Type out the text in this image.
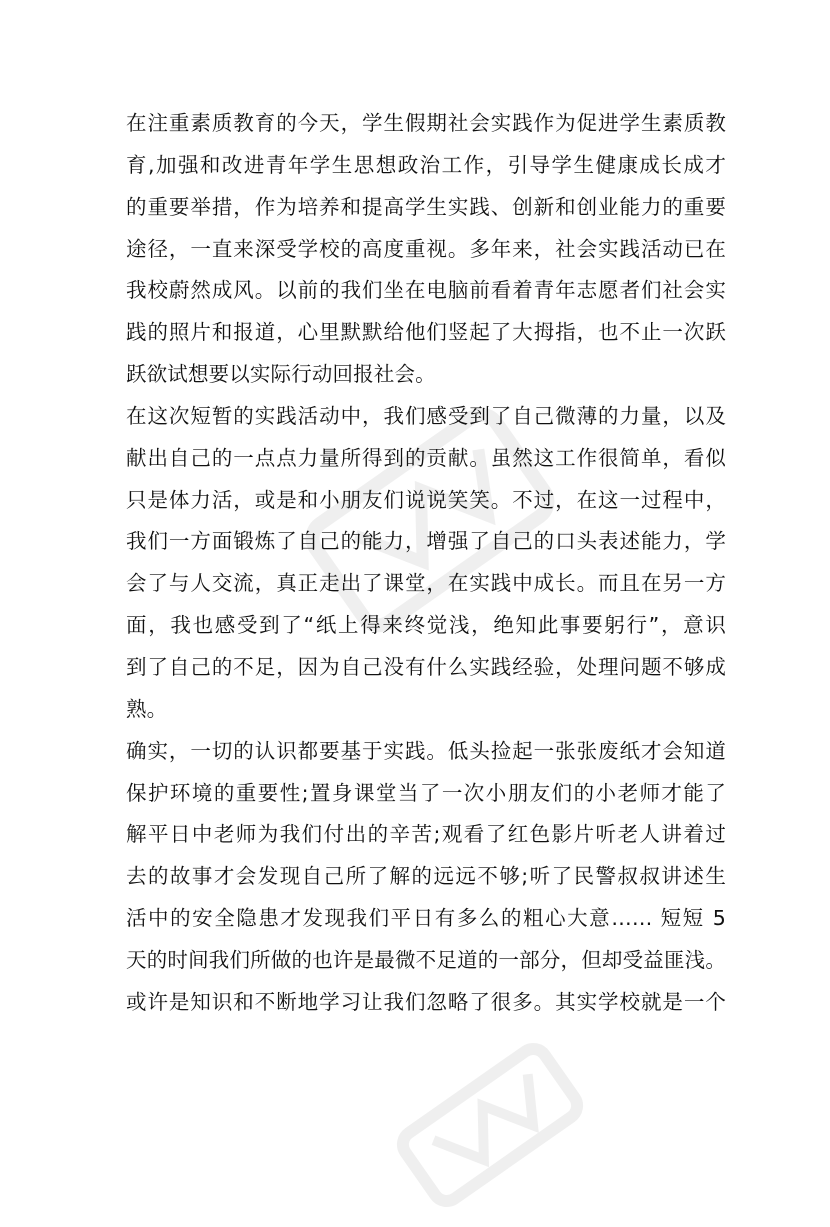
在注重素质教育的今天，学生假期社会实践作为促进学生素质教
育,加强和改进青年学生思想政治工作，引导学生健康成长成才
的重要举措，作为培养和提高学生实践、创新和创业能力的重要
途径，一直来深受学校的高度重视。多年来，社会实践活动已在
我校蔚然成风。以前的我们坐在电脑前看着青年志愿者们社会实
践的照片和报道，心里默默给他们竖起了大拇指，也不止一次跃
跃欲试想要以实际行动回报社会。
在这次短暂的实践活动中，我们感受到了自己微薄的力量，以及
献出自己的一点点力量所得到的贡献。虽然这工作很简单，看似
只是体力活，或是和小朋友们说说笑笑。不过，在这一过程中，
我们一方面锻炼了自己的能力，增强了自己的口头表述能力，学
会了与人交流，真正走出了课堂，在实践中成长。而且在另一方
面，我也感受到了“纸上得来终觉浅，绝知此事要躬行”，意识
到了自己的不足，因为自己没有什么实践经验，处理问题不够成
熟。
确实，一切的认识都要基于实践。低头捡起一张张废纸才会知道
保护环境的重要性;置身课堂当了一次小朋友们的小老师才能了
解平日中老师为我们付出的辛苦;观看了红色影片听老人讲着过
去的故事才会发现自己所了解的远远不够;听了民警叔叔讲述生
活中的安全隐患才发现我们平日有多么的粗心大意…… 短短 5
天的时间我们所做的也许是最微不足道的一部分，但却受益匪浅。
或许是知识和不断地学习让我们忽略了很多。其实学校就是一个
